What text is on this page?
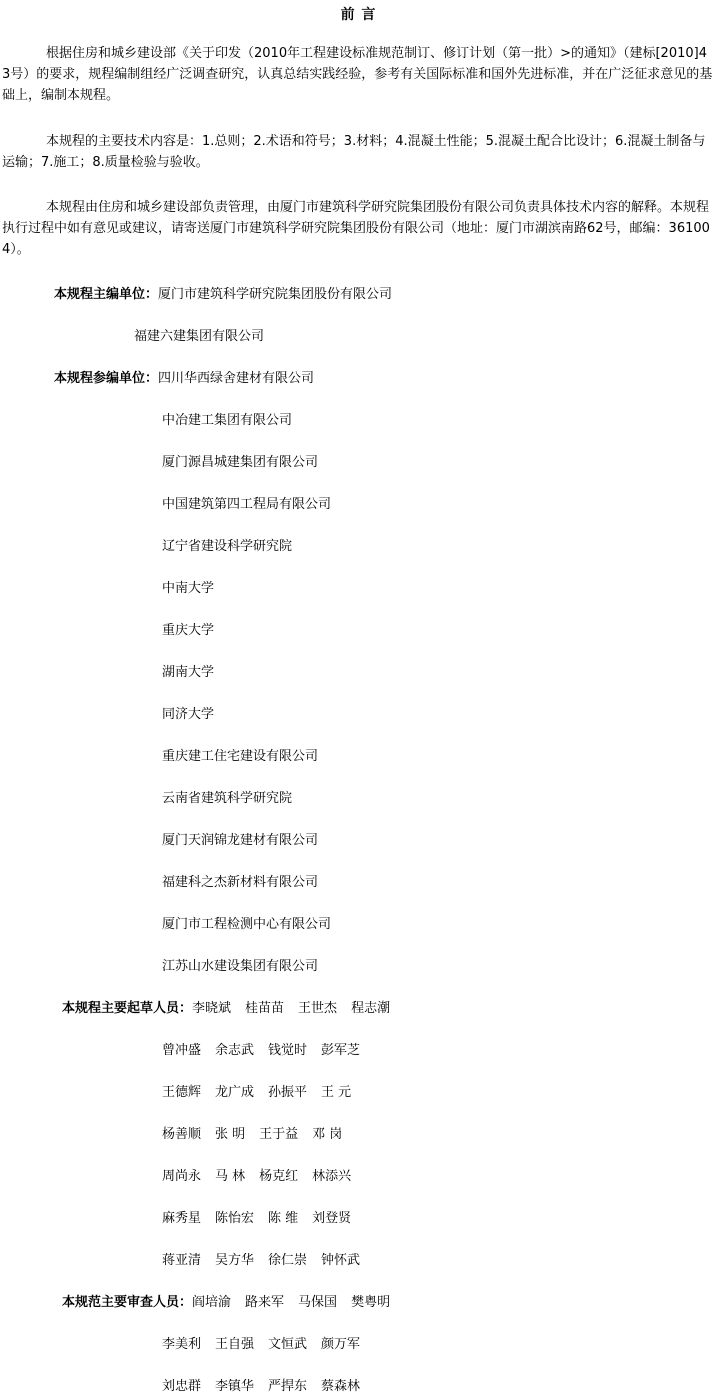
前 言
根据住房和城乡建设部《关于印发（2010年工程建设标准规范制订、修订计划（第一批）>的通知》（建标[2010]43号）的要求，规程编制组经广泛调查研究，认真总结实践经验，参考有关国际标准和国外先进标准，并在广泛征求意见的基础上，编制本规程。
本规程的主要技术内容是：1.总则；2.术语和符号；3.材料；4.混凝土性能；5.混凝土配合比设计；6.混凝土制备与运输；7.施工；8.质量检验与验收。
本规程由住房和城乡建设部负责管理，由厦门市建筑科学研究院集团股份有限公司负责具体技术内容的解释。本规程执行过程中如有意见或建议，请寄送厦门市建筑科学研究院集团股份有限公司（地址：厦门市湖滨南路62号，邮编：361004）。
本规程主编单位：厦门市建筑科学研究院集团股份有限公司
福建六建集团有限公司
本规程参编单位：四川华西绿舍建材有限公司
中冶建工集团有限公司
厦门源昌城建集团有限公司
中国建筑第四工程局有限公司
辽宁省建设科学研究院
中南大学
重庆大学
湖南大学
同济大学
重庆建工住宅建设有限公司
云南省建筑科学研究院
厦门天润锦龙建材有限公司
福建科之杰新材料有限公司
厦门市工程检测中心有限公司
江苏山水建设集团有限公司
本规程主要起草人员：李晓斌 桂苗苗 王世杰 程志潮
曾冲盛 余志武 钱觉时 彭军芝
王德辉 龙广成 孙振平 王 元
杨善顺 张 明 王于益 邓 岗
周尚永 马 林 杨克红 林添兴
麻秀星 陈怡宏 陈 维 刘登贤
蒋亚清 吴方华 徐仁崇 钟怀武
本规范主要审查人员：阎培渝 路来军 马保国 樊粤明
李美利 王自强 文恒武 颜万军
刘忠群 李镇华 严捍东 蔡森林
